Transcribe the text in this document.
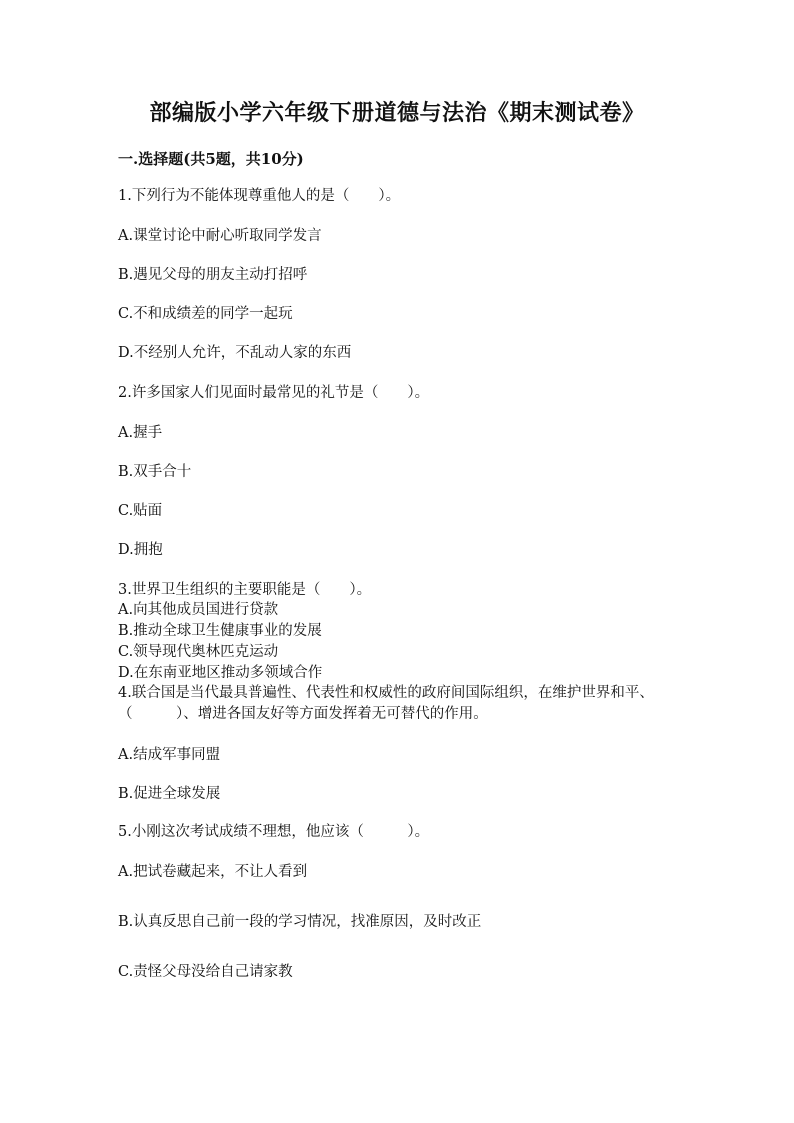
部编版小学六年级下册道德与法治《期末测试卷》

一.选择题(共5题，共10分)

1.下列行为不能体现尊重他人的是（　　）。

A.课堂讨论中耐心听取同学发言

B.遇见父母的朋友主动打招呼

C.不和成绩差的同学一起玩

D.不经别人允许，不乱动人家的东西

2.许多国家人们见面时最常见的礼节是（　　）。

A.握手

B.双手合十

C.贴面

D.拥抱

3.世界卫生组织的主要职能是（　　）。

A.向其他成员国进行贷款

B.推动全球卫生健康事业的发展

C.领导现代奥林匹克运动

D.在东南亚地区推动多领域合作

4.联合国是当代最具普遍性、代表性和权威性的政府间国际组织，在维护世界和平、（　　　）、增进各国友好等方面发挥着无可替代的作用。

A.结成军事同盟

B.促进全球发展

5.小刚这次考试成绩不理想，他应该（　　　）。

A.把试卷藏起来，不让人看到

B.认真反思自己前一段的学习情况，找准原因，及时改正

C.责怪父母没给自己请家教
